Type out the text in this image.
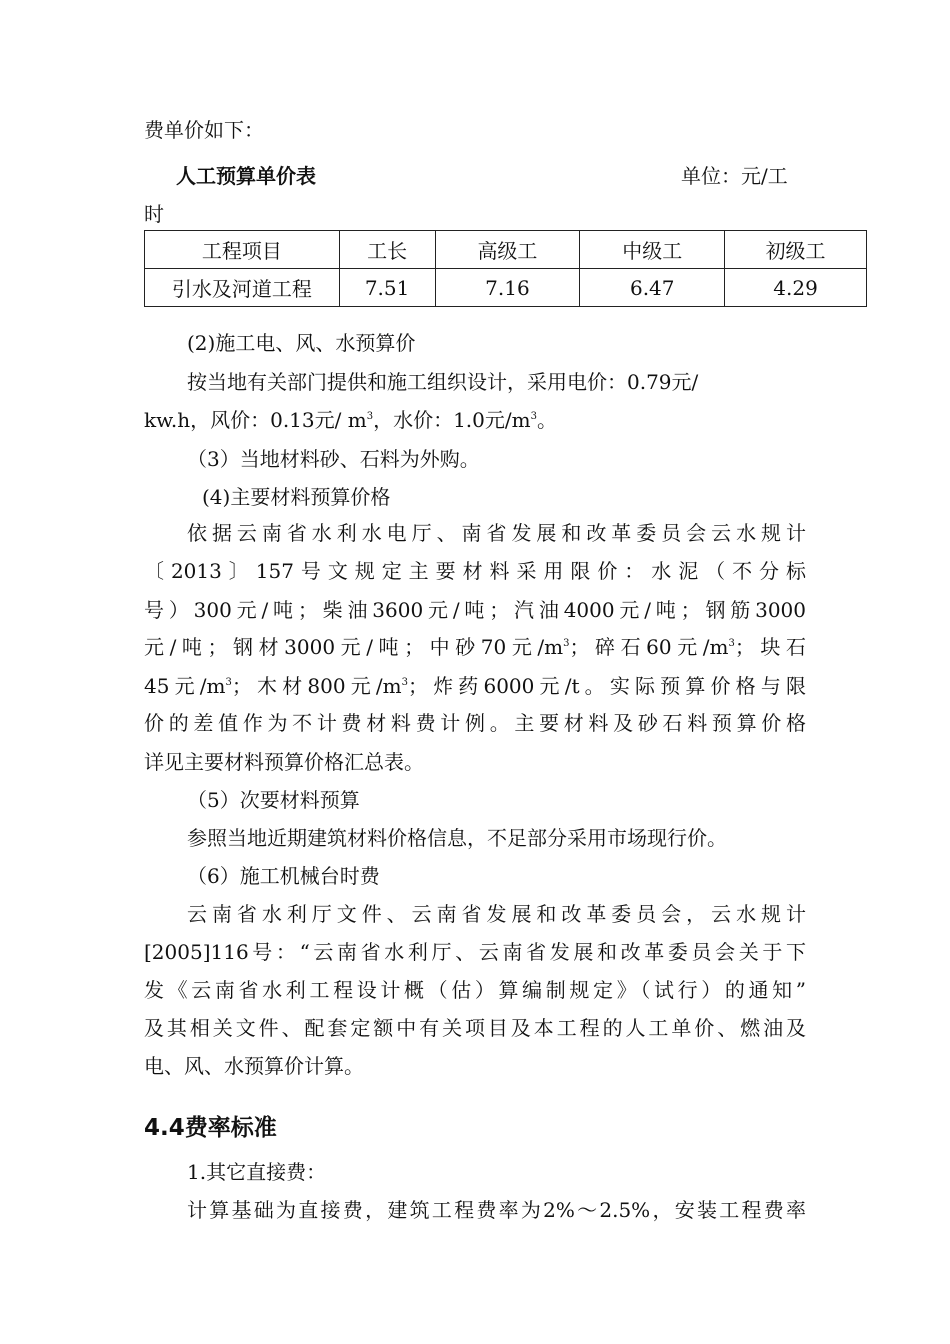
费单价如下：
人工预算单价表	单位：元/工
时
工程项目	工长	高级工	中级工	初级工
引水及河道工程	7.51	7.16	6.47	4.29
(2)施工电、风、水预算价
按当地有关部门提供和施工组织设计，采用电价：0.79元/
kw.h，风价：0.13元/ $m^3$，水价：1.0元$/m^3$。
（3）当地材料砂、石料为外购。
(4)主要材料预算价格
依据云南省水利水电厅、南省发展和改革委员会云水规计
〔2013〕157号文规定主要材料采用限价：水泥（不分标
号）300元/吨；柴油3600元/吨；汽油4000元/吨；钢筋3000
元/吨；钢材3000元/吨；中砂70元$/m^3$；碎石60元$/m^3$；块石
45元$/m^3$；木材800元$/m^3$；炸药6000元/t。实际预算价格与限
价的差值作为不计费材料费计例。主要材料及砂石料预算价格
详见主要材料预算价格汇总表。
（5）次要材料预算
参照当地近期建筑材料价格信息，不足部分采用市场现行价。
（6）施工机械台时费
云南省水利厅文件、云南省发展和改革委员会，云水规计
[2005]116号：“云南省水利厅、云南省发展和改革委员会关于下
发《云南省水利工程设计概（估）算编制规定》（试行）的通知”
及其相关文件、配套定额中有关项目及本工程的人工单价、燃油及
电、风、水预算价计算。
4.4费率标准
1.其它直接费：
计算基础为直接费，建筑工程费率为2%～2.5%，安装工程费率
